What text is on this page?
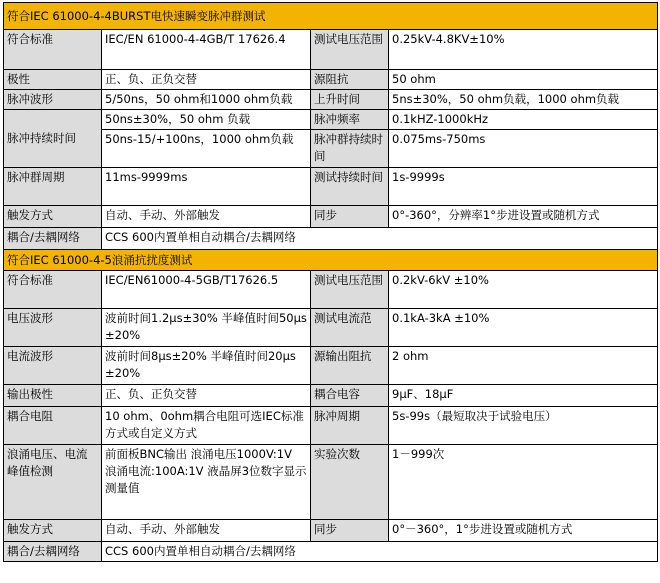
符合IEC 61000-4-4BURST电快速瞬变脉冲群测试			
符合标准	IEC/EN 61000-4-4GB/T 17626.4	测试电压范围	0.25kV-4.8KV±10%
极性	正、负、正负交替	源阻抗	50 ohm
脉冲波形	5/50ns，50 ohm和1000 ohm负载	上升时间	5ns±30%，50 ohm负载，1000 ohm负载
脉冲持续时间	50ns±30%，50 ohm 负载	脉冲频率	0.1kHZ-1000kHz
	50ns-15/+100ns，1000 ohm负载	脉冲群持续时间	0.075ms-750ms
脉冲群周期	11ms-9999ms	测试持续时间	1s-9999s
触发方式	自动、手动、外部触发	同步	0°-360°，分辨率1°步进设置或随机方式
耦合/去耦网络	CCS 600内置单相自动耦合/去耦网络		
符合IEC 61000-4-5浪涌抗扰度测试			
符合标准	IEC/EN61000-4-5GB/T17626.5	测试电压范围	0.2kV-6kV ±10%
电压波形	波前时间1.2μs±30% 半峰值时间50μs±20%	测试电流范	0.1kA-3kA ±10%
电流波形	波前时间8μs±20% 半峰值时间20μs±20%	源输出阻抗	2 ohm
输出极性	正、负、正负交替	耦合电容	9μF、18μF
耦合电阻	10 ohm、0ohm耦合电阻可选IEC标准方式或自定义方式	脉冲周期	5s-99s（最短取决于试验电压）
浪涌电压、电流峰值检测	前面板BNC输出 浪涌电压1000V:1V 浪涌电流:100A:1V 液晶屏3位数字显示测量值	实验次数	1－999次
触发方式	自动、手动、外部触发	同步	0°－360°，1°步进设置或随机方式
耦合/去耦网络	CCS 600内置单相自动耦合/去耦网络		
